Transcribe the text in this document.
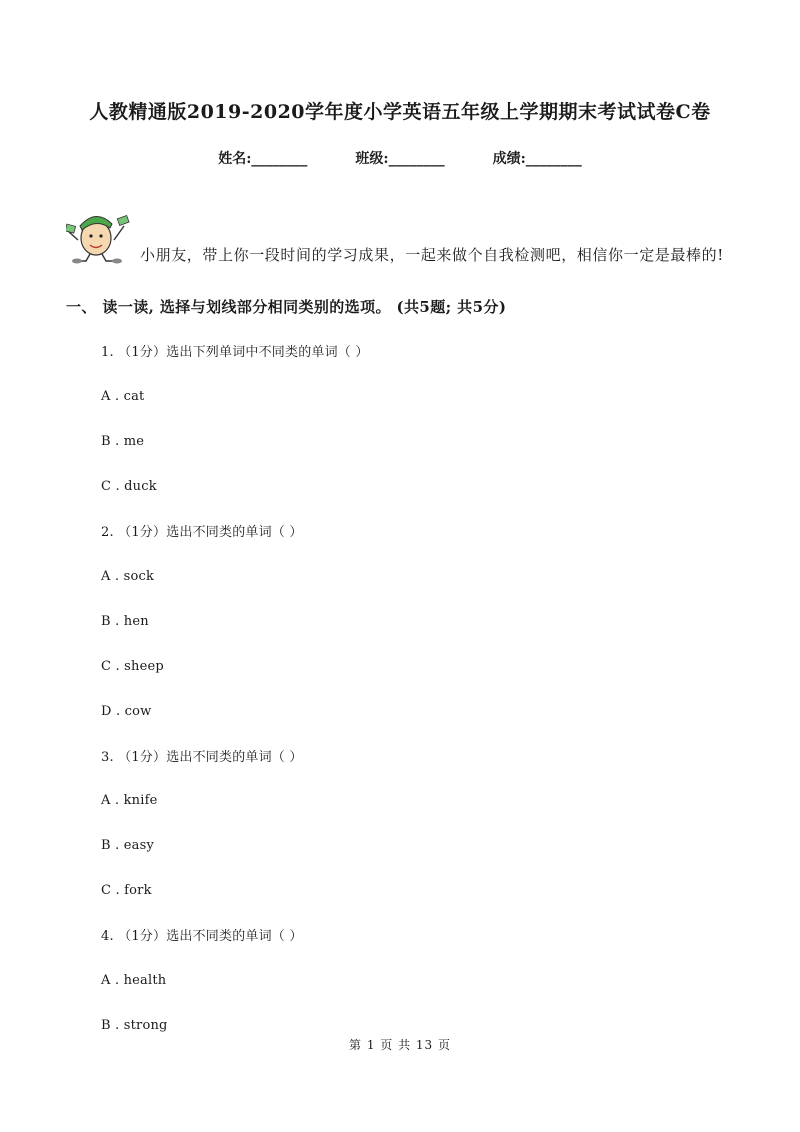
人教精通版2019-2020学年度小学英语五年级上学期期末考试试卷C卷
姓名:________	班级:________	成绩:________
小朋友，带上你一段时间的学习成果，一起来做个自我检测吧，相信你一定是最棒的!
一、 读一读, 选择与划线部分相同类别的选项。 (共5题; 共5分)
1. （1分）选出下列单词中不同类的单词（ ）
A . cat
B . me
C . duck
2. （1分）选出不同类的单词（ ）
A . sock
B . hen
C . sheep
D . cow
3. （1分）选出不同类的单词（ ）
A . knife
B . easy
C . fork
4. （1分）选出不同类的单词（ ）
A . health
B . strong
第 1 页 共 13 页
